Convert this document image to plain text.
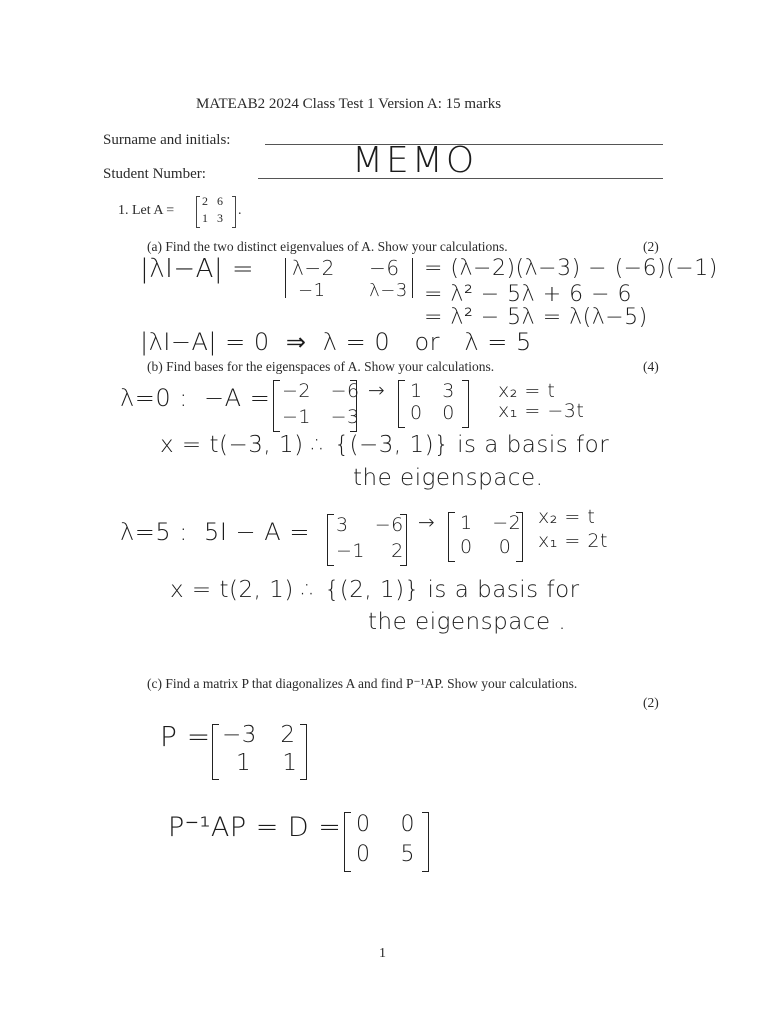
MATEAB2 2024 Class Test 1 Version A: 15 marks
Surname and initials:
Student Number:	MEMO
1. Let A =
2   6
1   3 .
(a) Find the two distinct eigenvalues of A. Show your calculations.	(2)
|λI−A| = λ−2     −6
−1       λ−3
= (λ−2)(λ−3) − (−6)(−1)
= λ² − 5λ + 6 − 6
= λ² − 5λ = λ(λ−5)
|λI−A| = 0  ⇒  λ = 0   or   λ = 5
(b) Find bases for the eigenspaces of A. Show your calculations.	(4)
λ=0 :  −A = −2   −6
−1   −3
→ 1   3
0   0
x₂ = t
x₁ = −3t
x = t(−3, 1) ∴ {(−3, 1)} is a basis for
the eigenspace.
λ=5 :  5I − A = 3    −6
−1    2
→ 1   −2
0    0
x₂ = t
x₁ = 2t
x = t(2, 1) ∴ {(2, 1)} is a basis for
the eigenspace .
(c) Find a matrix P that diagonalizes A and find P⁻¹AP. Show your calculations.
(2)
P = −3   2
1    1
P⁻¹AP = D = 0    0
0    5
1
